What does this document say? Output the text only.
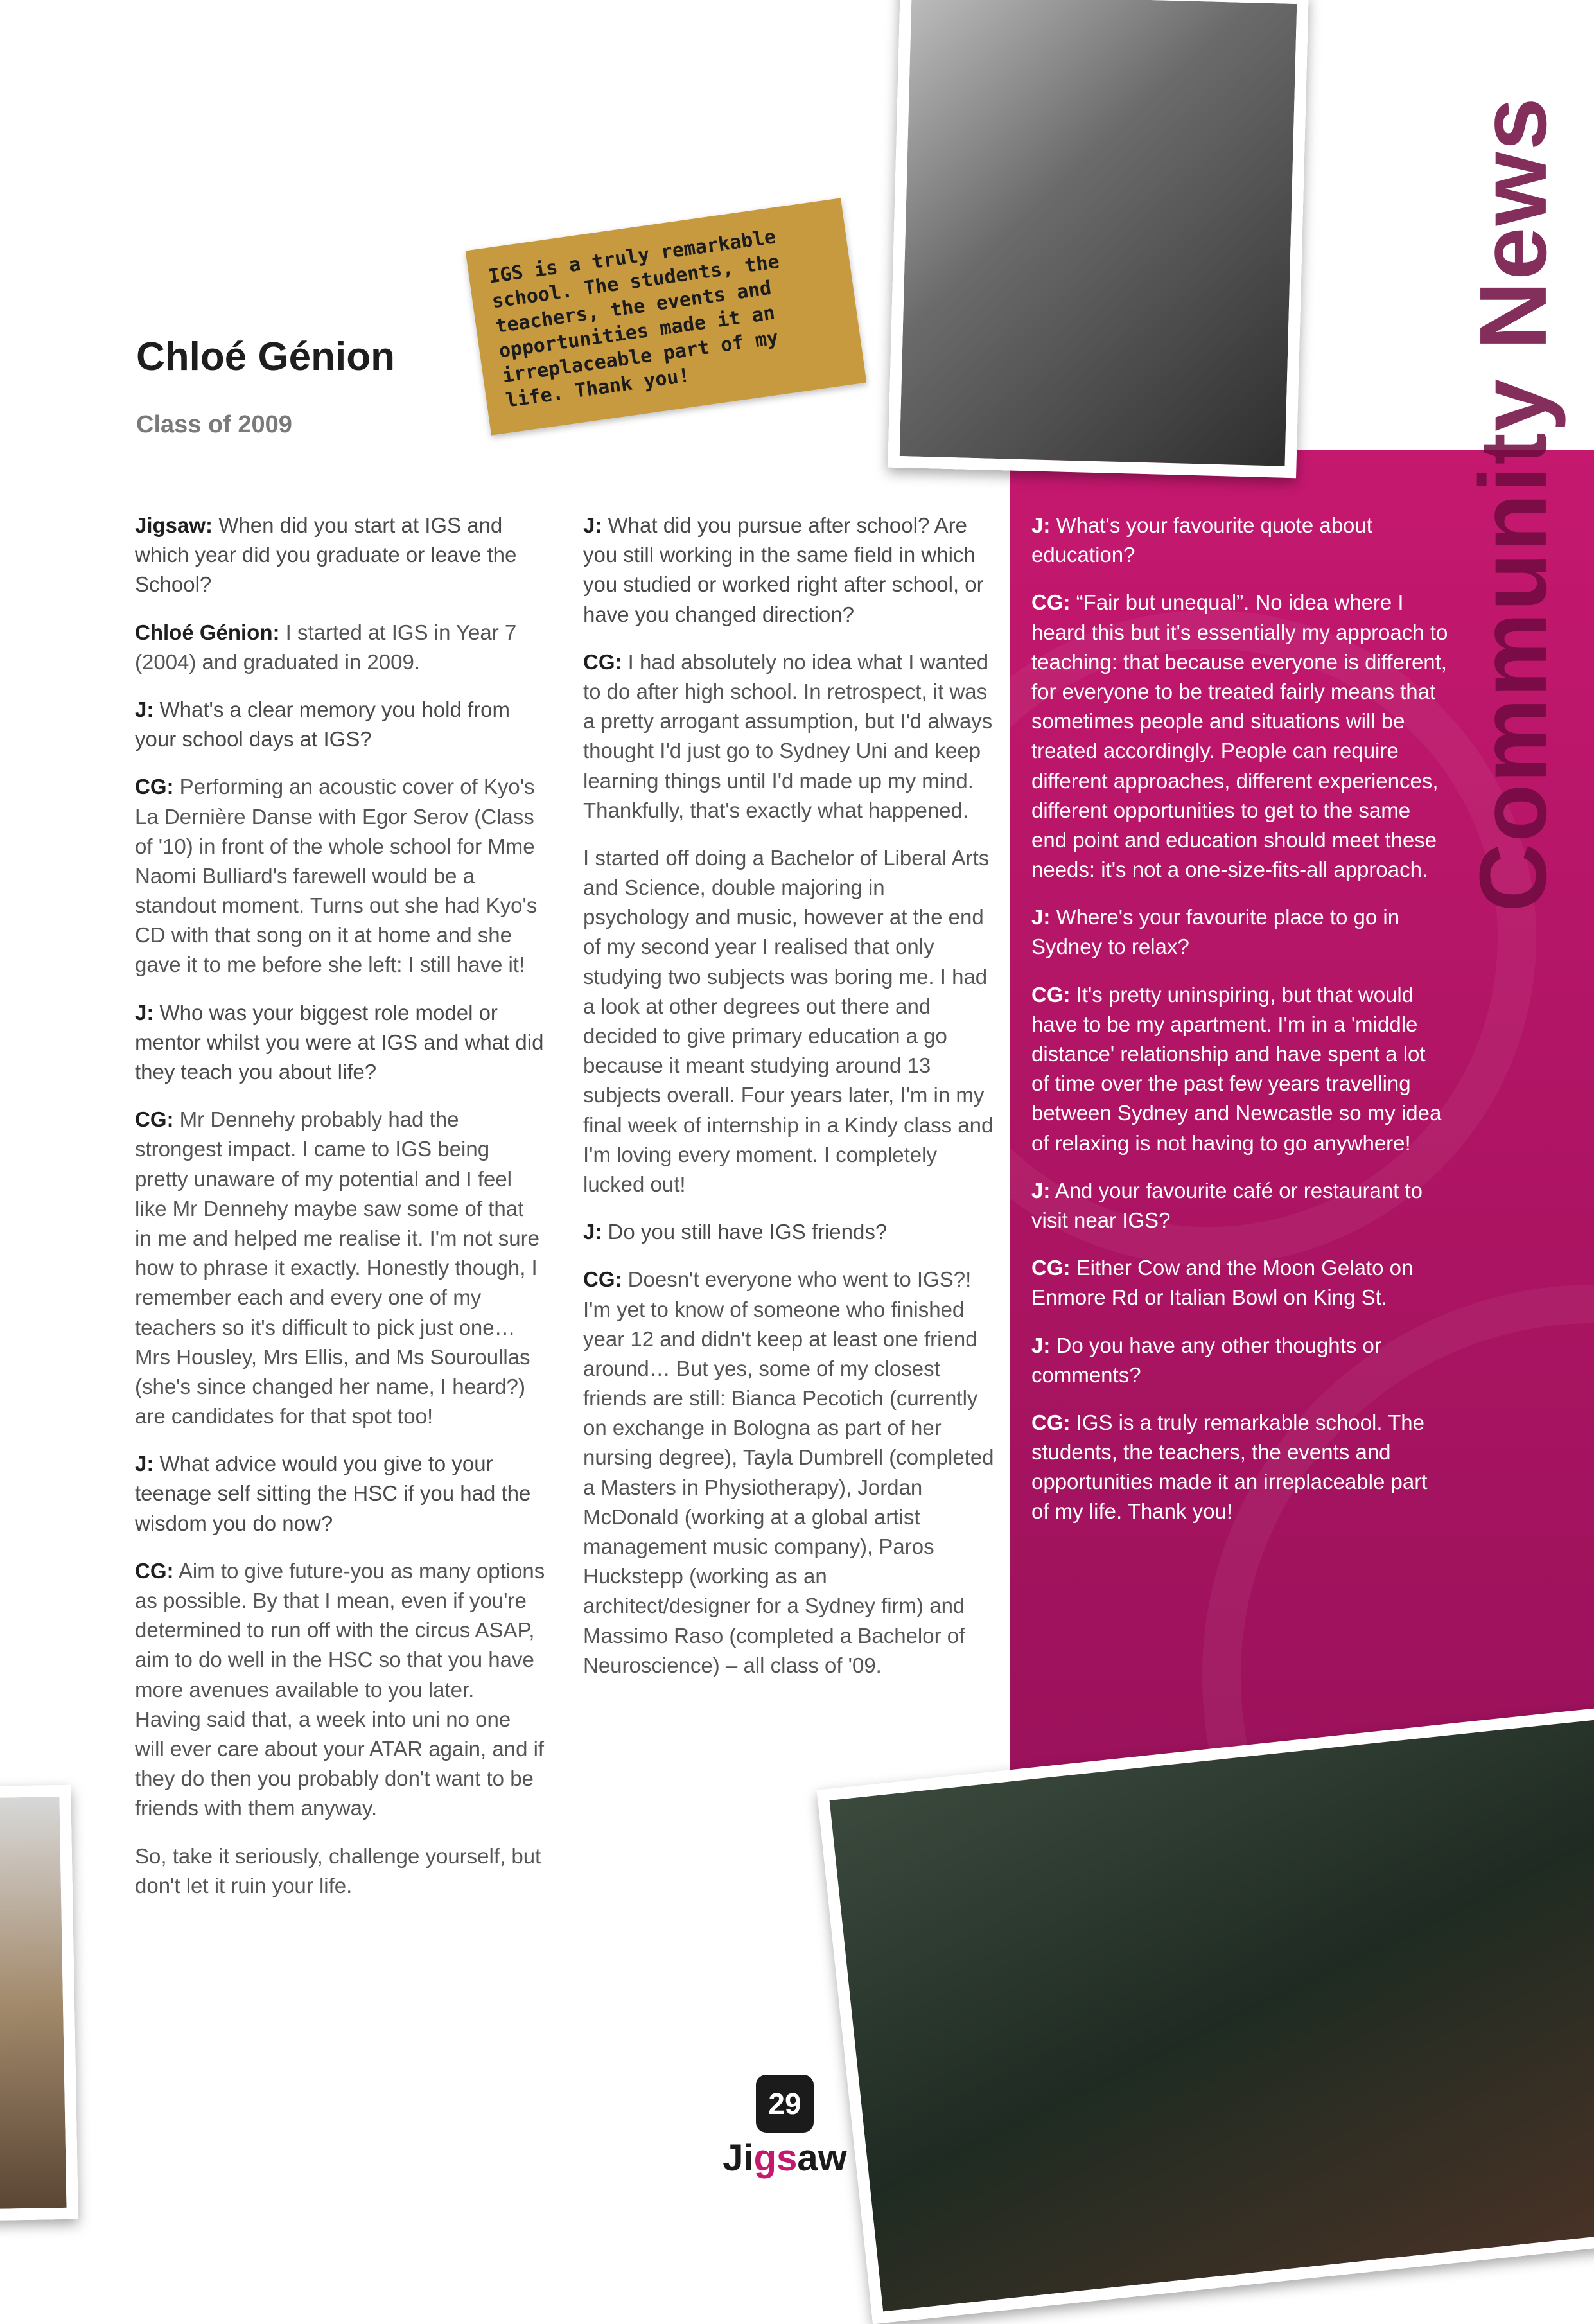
Community News
Chloé Génion
Class of 2009

IGS is a truly remarkable school. The students, the teachers, the events and opportunities made it an irreplaceable part of my life. Thank you!

Jigsaw: When did you start at IGS and which year did you graduate or leave the School?

Chloé Génion: I started at IGS in Year 7 (2004) and graduated in 2009.

J: What's a clear memory you hold from your school days at IGS?

CG: Performing an acoustic cover of Kyo's La Dernière Danse with Egor Serov (Class of '10) in front of the whole school for Mme Naomi Bulliard's farewell would be a standout moment. Turns out she had Kyo's CD with that song on it at home and she gave it to me before she left: I still have it!

J: Who was your biggest role model or mentor whilst you were at IGS and what did they teach you about life?

CG: Mr Dennehy probably had the strongest impact. I came to IGS being pretty unaware of my potential and I feel like Mr Dennehy maybe saw some of that in me and helped me realise it. I'm not sure how to phrase it exactly. Honestly though, I remember each and every one of my teachers so it's difficult to pick just one… Mrs Housley, Mrs Ellis, and Ms Souroullas (she's since changed her name, I heard?) are candidates for that spot too!

J: What advice would you give to your teenage self sitting the HSC if you had the wisdom you do now?

CG: Aim to give future-you as many options as possible. By that I mean, even if you're determined to run off with the circus ASAP, aim to do well in the HSC so that you have more avenues available to you later. Having said that, a week into uni no one will ever care about your ATAR again, and if they do then you probably don't want to be friends with them anyway.

So, take it seriously, challenge yourself, but don't let it ruin your life.

J: What did you pursue after school? Are you still working in the same field in which you studied or worked right after school, or have you changed direction?

CG: I had absolutely no idea what I wanted to do after high school. In retrospect, it was a pretty arrogant assumption, but I'd always thought I'd just go to Sydney Uni and keep learning things until I'd made up my mind. Thankfully, that's exactly what happened.

I started off doing a Bachelor of Liberal Arts and Science, double majoring in psychology and music, however at the end of my second year I realised that only studying two subjects was boring me. I had a look at other degrees out there and decided to give primary education a go because it meant studying around 13 subjects overall. Four years later, I'm in my final week of internship in a Kindy class and I'm loving every moment. I completely lucked out!

J: Do you still have IGS friends?

CG: Doesn't everyone who went to IGS?! I'm yet to know of someone who finished year 12 and didn't keep at least one friend around… But yes, some of my closest friends are still: Bianca Pecotich (currently on exchange in Bologna as part of her nursing degree), Tayla Dumbrell (completed a Masters in Physiotherapy), Jordan McDonald (working at a global artist management music company), Paros Huckstepp (working as an architect/designer for a Sydney firm) and Massimo Raso (completed a Bachelor of Neuroscience) – all class of '09.

J: What's your favourite quote about education?

CG: “Fair but unequal”. No idea where I heard this but it's essentially my approach to teaching: that because everyone is different, for everyone to be treated fairly means that sometimes people and situations will be treated accordingly. People can require different approaches, different experiences, different opportunities to get to the same end point and education should meet these needs: it's not a one-size-fits-all approach.

J: Where's your favourite place to go in Sydney to relax?

CG: It's pretty uninspiring, but that would have to be my apartment. I'm in a 'middle distance' relationship and have spent a lot of time over the past few years travelling between Sydney and Newcastle so my idea of relaxing is not having to go anywhere!

J: And your favourite café or restaurant to visit near IGS?

CG: Either Cow and the Moon Gelato on Enmore Rd or Italian Bowl on King St.

J: Do you have any other thoughts or comments?

CG: IGS is a truly remarkable school. The students, the teachers, the events and opportunities made it an irreplaceable part of my life. Thank you!

29
Jigsaw
